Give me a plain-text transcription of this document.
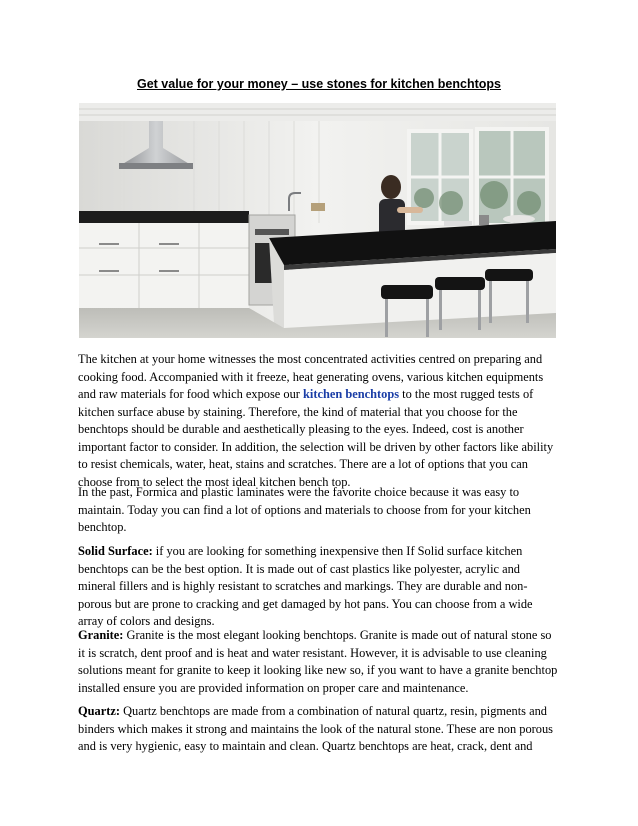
Get value for your money – use stones for kitchen benchtops
The kitchen at your home witnesses the most concentrated activities centred on preparing and
cooking food. Accompanied with it freeze, heat generating ovens, various kitchen equipments
and raw materials for food which expose our kitchen benchtops to the most rugged tests of
kitchen surface abuse by staining. Therefore, the kind of material that you choose for the
benchtops should be durable and aesthetically pleasing to the eyes. Indeed, cost is another
important factor to consider. In addition, the selection will be driven by other factors like ability
to resist chemicals, water, heat, stains and scratches. There are a lot of options that you can
choose from to select the most ideal kitchen bench top.
In the past, Formica and plastic laminates were the favorite choice because it was easy to
maintain. Today you can find a lot of options and materials to choose from for your kitchen
benchtop.
Solid Surface: if you are looking for something inexpensive then If Solid surface kitchen
benchtops can be the best option. It is made out of cast plastics like polyester, acrylic and
mineral fillers and is highly resistant to scratches and markings. They are durable and non-
porous but are prone to cracking and get damaged by hot pans. You can choose from a wide
array of colors and designs.
Granite: Granite is the most elegant looking benchtops. Granite is made out of natural stone so
it is scratch, dent proof and is heat and water resistant. However, it is advisable to use cleaning
solutions meant for granite to keep it looking like new so, if you want to have a granite benchtop
installed ensure you are provided information on proper care and maintenance.
Quartz: Quartz benchtops are made from a combination of natural quartz, resin, pigments and
binders which makes it strong and maintains the look of the natural stone. These are non porous
and is very hygienic, easy to maintain and clean. Quartz benchtops are heat, crack, dent and
